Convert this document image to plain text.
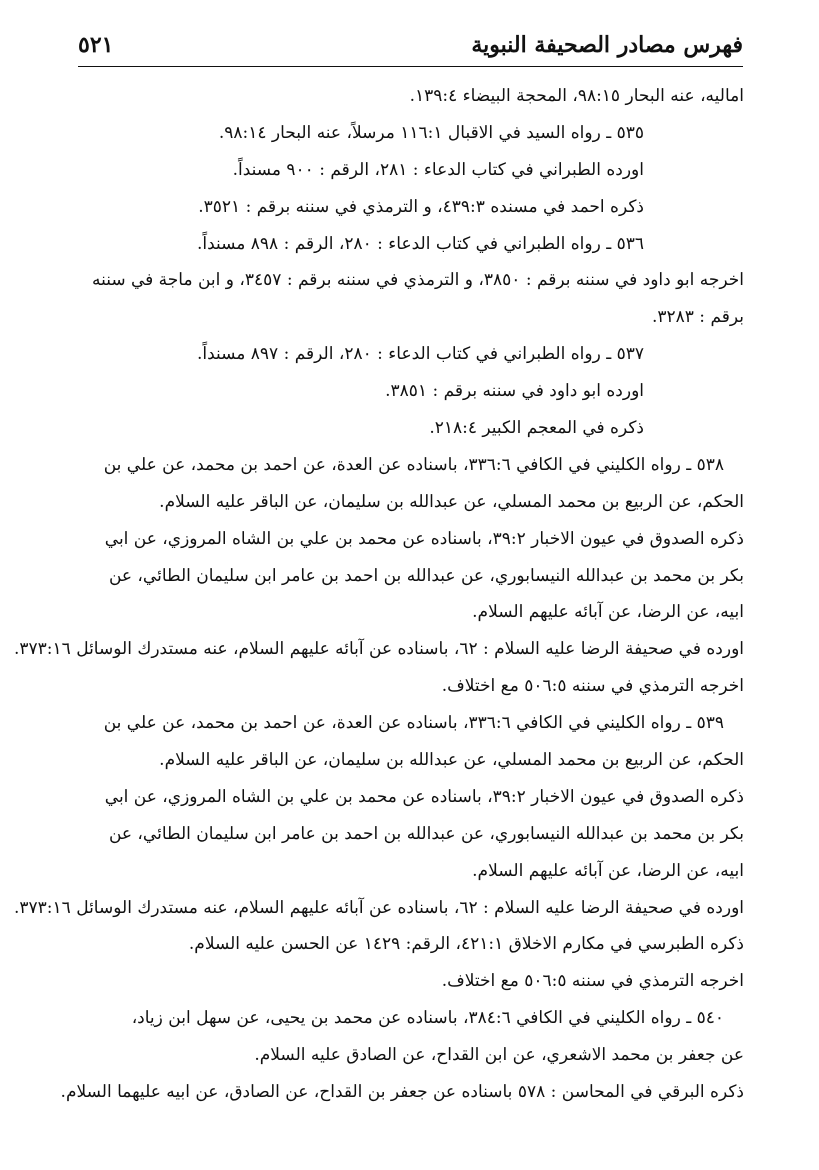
فهرس مصادر الصحيفة النبوية
٥٢١
اماليه، عنه البحار ٩٨:١٥، المحجة البيضاء ١٣٩:٤.
٥٣٥ ـ رواه السيد في الاقبال ١١٦:١ مرسلاً، عنه البحار ٩٨:١٤.
اورده الطبراني في كتاب الدعاء : ٢٨١، الرقم : ٩٠٠ مسنداً.
ذكره احمد في مسنده ٤٣٩:٣، و الترمذي في سننه برقم : ٣٥٢١.
٥٣٦ ـ رواه الطبراني في كتاب الدعاء : ٢٨٠، الرقم : ٨٩٨ مسنداً.
اخرجه ابو داود في سننه برقم : ٣٨٥٠، و الترمذي في سننه برقم : ٣٤٥٧، و ابن ماجة في سننه
برقم : ٣٢٨٣.
٥٣٧ ـ رواه الطبراني في كتاب الدعاء : ٢٨٠، الرقم : ٨٩٧ مسنداً.
اورده ابو داود في سننه برقم : ٣٨٥١.
ذكره في المعجم الكبير ٢١٨:٤.
٥٣٨ ـ رواه الكليني في الكافي ٣٣٦:٦، باسناده عن العدة، عن احمد بن محمد، عن علي بن
الحكم، عن الربيع بن محمد المسلي، عن عبدالله بن سليمان، عن الباقر عليه السلام.
ذكره الصدوق في عيون الاخبار ٣٩:٢، باسناده عن محمد بن علي بن الشاه المروزي، عن ابي
بكر بن محمد بن عبدالله النيسابوري، عن عبدالله بن احمد بن عامر ابن سليمان الطائي، عن
ابيه، عن الرضا، عن آبائه عليهم السلام.
اورده في صحيفة الرضا عليه السلام : ٦٢، باسناده عن آبائه عليهم السلام، عنه مستدرك الوسائل ٣٧٣:١٦.
اخرجه الترمذي في سننه ٥٠٦:٥ مع اختلاف.
٥٣٩ ـ رواه الكليني في الكافي ٣٣٦:٦، باسناده عن العدة، عن احمد بن محمد، عن علي بن
الحكم، عن الربيع بن محمد المسلي، عن عبدالله بن سليمان، عن الباقر عليه السلام.
ذكره الصدوق في عيون الاخبار ٣٩:٢، باسناده عن محمد بن علي بن الشاه المروزي، عن ابي
بكر بن محمد بن عبدالله النيسابوري، عن عبدالله بن احمد بن عامر ابن سليمان الطائي، عن
ابيه، عن الرضا، عن آبائه عليهم السلام.
اورده في صحيفة الرضا عليه السلام : ٦٢، باسناده عن آبائه عليهم السلام، عنه مستدرك الوسائل ٣٧٣:١٦.
ذكره الطبرسي في مكارم الاخلاق ٤٢١:١، الرقم: ١٤٢٩ عن الحسن عليه السلام.
اخرجه الترمذي في سننه ٥٠٦:٥ مع اختلاف.
٥٤٠ ـ رواه الكليني في الكافي ٣٨٤:٦، باسناده عن محمد بن يحيى، عن سهل ابن زياد،
عن جعفر بن محمد الاشعري، عن ابن القداح، عن الصادق عليه السلام.
ذكره البرقي في المحاسن : ٥٧٨ باسناده عن جعفر بن القداح، عن الصادق، عن ابيه عليهما السلام.
